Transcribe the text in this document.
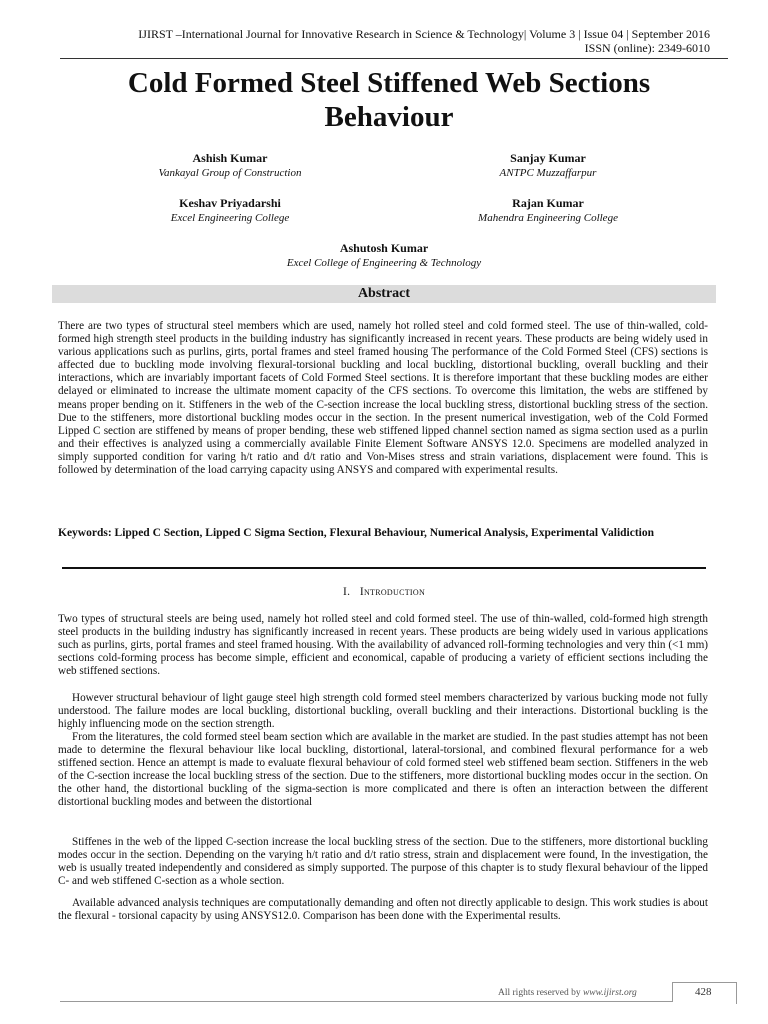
IJIRST –International Journal for Innovative Research in Science & Technology| Volume 3 | Issue 04 | September 2016
ISSN (online): 2349-6010
Cold Formed Steel Stiffened Web Sections
Behaviour
Ashish Kumar
Vankayal Group of Construction
Sanjay Kumar
ANTPC Muzzaffarpur
Keshav Priyadarshi
Excel Engineering College
Rajan Kumar
Mahendra Engineering College
Ashutosh Kumar
Excel College of Engineering & Technology
Abstract
There are two types of structural steel members which are used, namely hot rolled steel and cold formed steel. The use of thin-walled, cold-formed high strength steel products in the building industry has significantly increased in recent years. These products are being widely used in various applications such as purlins, girts, portal frames and steel framed housing The performance of the Cold Formed Steel (CFS) sections is affected due to buckling mode involving flexural-torsional buckling and local buckling, distortional buckling, overall buckling and their interactions, which are invariably important facets of Cold Formed Steel sections. It is therefore important that these buckling modes are either delayed or eliminated to increase the ultimate moment capacity of the CFS sections. To overcome this limitation, the webs are stiffened by means proper bending on it. Stiffeners in the web of the C-section increase the local buckling stress, distortional buckling stress of the section. Due to the stiffeners, more distortional buckling modes occur in the section. In the present numerical investigation, web of the Cold Formed Lipped C section are stiffened by means of proper bending, these web stiffened lipped channel section named as sigma section used as a purlin and their effectives is analyzed using a commercially available Finite Element Software ANSYS 12.0. Specimens are modelled analyzed in simply supported condition for varing h/t ratio and d/t ratio and Von-Mises stress and strain variations, displacement were found. This is followed by determination of the load carrying capacity using ANSYS and compared with experimental results.
Keywords: Lipped C Section, Lipped C Sigma Section, Flexural Behaviour, Numerical Analysis, Experimental Validiction
I. Introduction
Two types of structural steels are being used, namely hot rolled steel and cold formed steel. The use of thin-walled, cold-formed high strength steel products in the building industry has significantly increased in recent years. These products are being widely used in various applications such as purlins, girts, portal frames and steel framed housing. With the availability of advanced roll-forming technologies and very thin (<1 mm) sections cold-forming process has become simple, efficient and economical, capable of producing a variety of efficient sections including the web stiffened sections.
However structural behaviour of light gauge steel high strength cold formed steel members characterized by various bucking mode not fully understood. The failure modes are local buckling, distortional buckling, overall buckling and their interactions. Distortional buckling is the highly influencing mode on the section strength.
From the literatures, the cold formed steel beam section which are available in the market are studied. In the past studies attempt has not been made to determine the flexural behaviour like local buckling, distortional, lateral-torsional, and combined flexural performance for a web stiffened section. Hence an attempt is made to evaluate flexural behaviour of cold formed steel web stiffened beam section. Stiffeners in the web of the C-section increase the local buckling stress of the section. Due to the stiffeners, more distortional buckling modes occur in the section. On the other hand, the distortional buckling of the sigma-section is more complicated and there is often an interaction between the different distortional buckling modes and between the distortional
Stiffenes in the web of the lipped C-section increase the local buckling stress of the section. Due to the stiffeners, more distortional buckling modes occur in the section. Depending on the varying h/t ratio and d/t ratio stress, strain and displacement were found, In the investigation, the web is usually treated independently and considered as simply supported. The purpose of this chapter is to study flexural behaviour of the lipped C- and web stiffened C-section as a whole section.
Available advanced analysis techniques are computationally demanding and often not directly applicable to design. This work studies is about the flexural - torsional capacity by using ANSYS12.0. Comparison has been done with the Experimental results.
All rights reserved by www.ijirst.org	428
